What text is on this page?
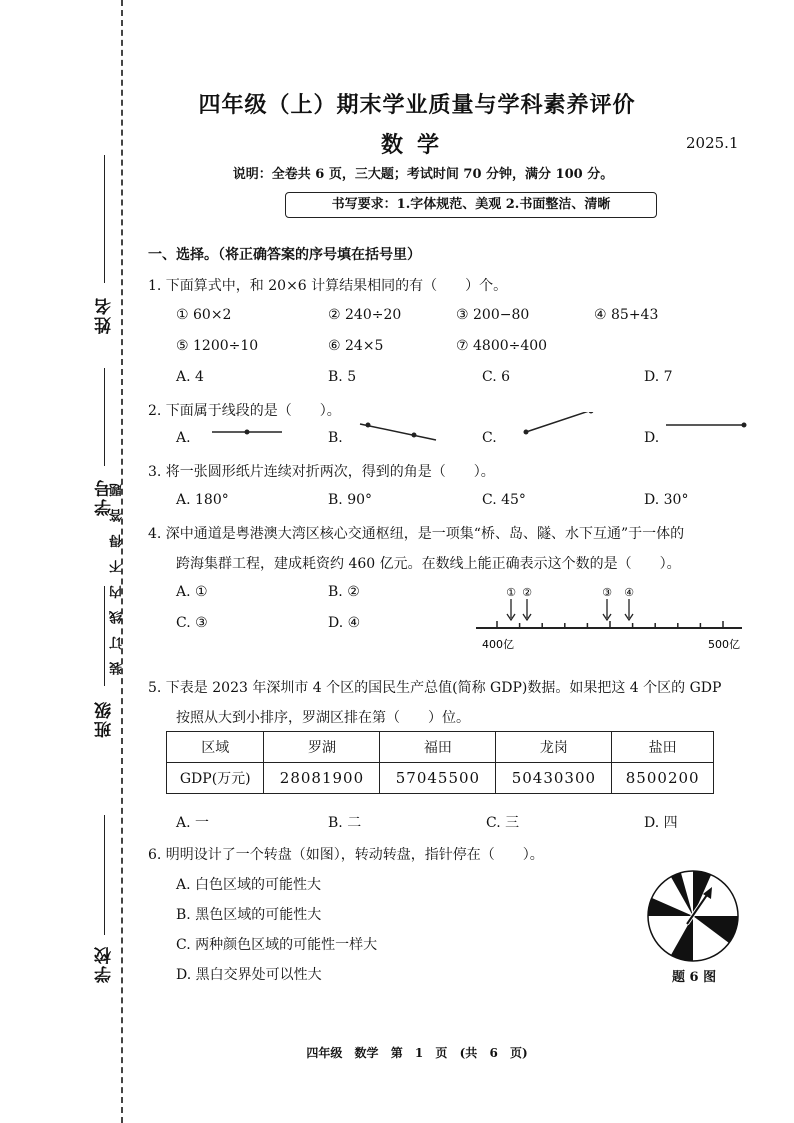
姓名
学号
班级
学校
装 订 线 内 不 得 答 题
四年级（上）期末学业质量与学科素养评价
数学	2025.1
说明：全卷共 6 页，三大题；考试时间 70 分钟，满分 100 分。
书写要求：1.字体规范、美观 2.书面整洁、清晰
一、选择。（将正确答案的序号填在括号里）
1. 下面算式中，和 20×6 计算结果相同的有（　　）个。
① 60×2	② 240÷20	③ 200−80	④ 85+43
⑤ 1200÷10	⑥ 24×5	⑦ 4800÷400
A. 4	B. 5	C. 6	D. 7
2. 下面属于线段的是（　　）。
A.	B.	C.	D.
3. 将一张圆形纸片连续对折两次，得到的角是（　　）。
A. 180°	B. 90°	C. 45°	D. 30°
4. 深中通道是粤港澳大湾区核心交通枢纽，是一项集“桥、岛、隧、水下互通”于一体的
跨海集群工程，建成耗资约 460 亿元。在数线上能正确表示这个数的是（　　）。
A. ①	B. ②
C. ③	D. ④
① ②	③ ④
400亿	500亿
5. 下表是 2023 年深圳市 4 个区的国民生产总值(简称 GDP)数据。如果把这 4 个区的 GDP
按照从大到小排序，罗湖区排在第（　　）位。
区域	罗湖	福田	龙岗	盐田
GDP(万元)	28081900	57045500	50430300	8500200
A. 一	B. 二	C. 三	D. 四
6. 明明设计了一个转盘（如图），转动转盘，指针停在（　　）。
A. 白色区域的可能性大
B. 黑色区域的可能性大
C. 两种颜色区域的可能性一样大
D. 黑白交界处可以性大	题 6 图
四年级 数学 第 1 页 (共 6 页)
